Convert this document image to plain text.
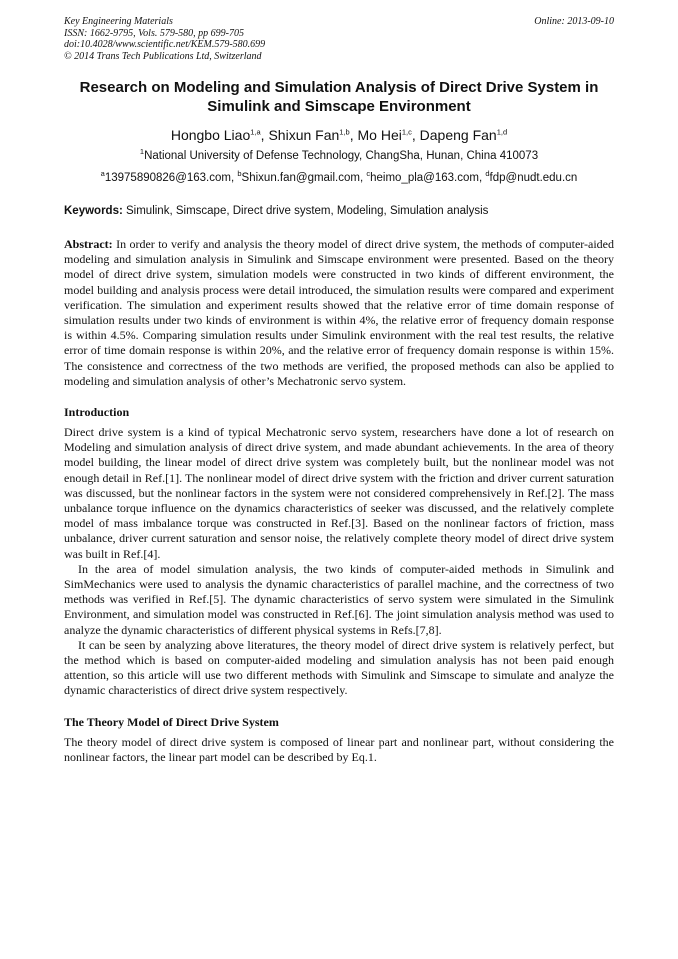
Key Engineering Materials
ISSN: 1662-9795, Vols. 579-580, pp 699-705
doi:10.4028/www.scientific.net/KEM.579-580.699
© 2014 Trans Tech Publications Ltd, Switzerland
Online: 2013-09-10
Research on Modeling and Simulation Analysis of Direct Drive System in Simulink and Simscape Environment
Hongbo Liao$^{1,a}$, Shixun Fan$^{1,b}$, Mo Hei$^{1,c}$, Dapeng Fan$^{1,d}$
$^1$National University of Defense Technology, ChangSha, Hunan, China 410073
$^a$13975890826@163.com, $^b$Shixun.fan@gmail.com, $^c$heimo_pla@163.com, $^d$fdp@nudt.edu.cn
Keywords: Simulink, Simscape, Direct drive system, Modeling, Simulation analysis
Abstract: In order to verify and analysis the theory model of direct drive system, the methods of computer-aided modeling and simulation analysis in Simulink and Simscape environment were presented. Based on the theory model of direct drive system, simulation models were constructed in two kinds of different environment, the model building and analysis process were detail introduced, the simulation results were compared and experiment verification. The simulation and experiment results showed that the relative error of time domain response of simulation results under two kinds of environment is within 4%, the relative error of frequency domain response is within 4.5%. Comparing simulation results under Simulink environment with the real test results, the relative error of time domain response is within 20%, and the relative error of frequency domain response is within 15%. The consistence and correctness of the two methods are verified, the proposed methods can also be applied to modeling and simulation analysis of other’s Mechatronic servo system.
Introduction

Direct drive system is a kind of typical Mechatronic servo system, researchers have done a lot of research on Modeling and simulation analysis of direct drive system, and made abundant achievements. In the area of theory model building, the linear model of direct drive system was completely built, but the nonlinear model was not enough detail in Ref.[1]. The nonlinear model of direct drive system with the friction and driver current saturation was discussed, but the nonlinear factors in the system were not considered comprehensively in Ref.[2]. The mass unbalance torque influence on the dynamics characteristics of seeker was discussed, and the relatively complete model of mass imbalance torque was constructed in Ref.[3]. Based on the nonlinear factors of friction, mass unbalance, driver current saturation and sensor noise, the relatively complete theory model of direct drive system was built in Ref.[4].

In the area of model simulation analysis, the two kinds of computer-aided methods in Simulink and SimMechanics were used to analysis the dynamic characteristics of parallel machine, and the correctness of two methods was verified in Ref.[5]. The dynamic characteristics of servo system were simulated in the Simulink Environment, and simulation model was constructed in Ref.[6]. The joint simulation analysis method was used to analyze the dynamic characteristics of different physical systems in Refs.[7,8].

It can be seen by analyzing above literatures, the theory model of direct drive system is relatively perfect, but the method which is based on computer-aided modeling and simulation analysis has not been paid enough attention, so this article will use two different methods with Simulink and Simscape to simulate and analyze the dynamic characteristics of direct drive system respectively.

The Theory Model of Direct Drive System

The theory model of direct drive system is composed of linear part and nonlinear part, without considering the nonlinear factors, the linear part model can be described by Eq.1.
